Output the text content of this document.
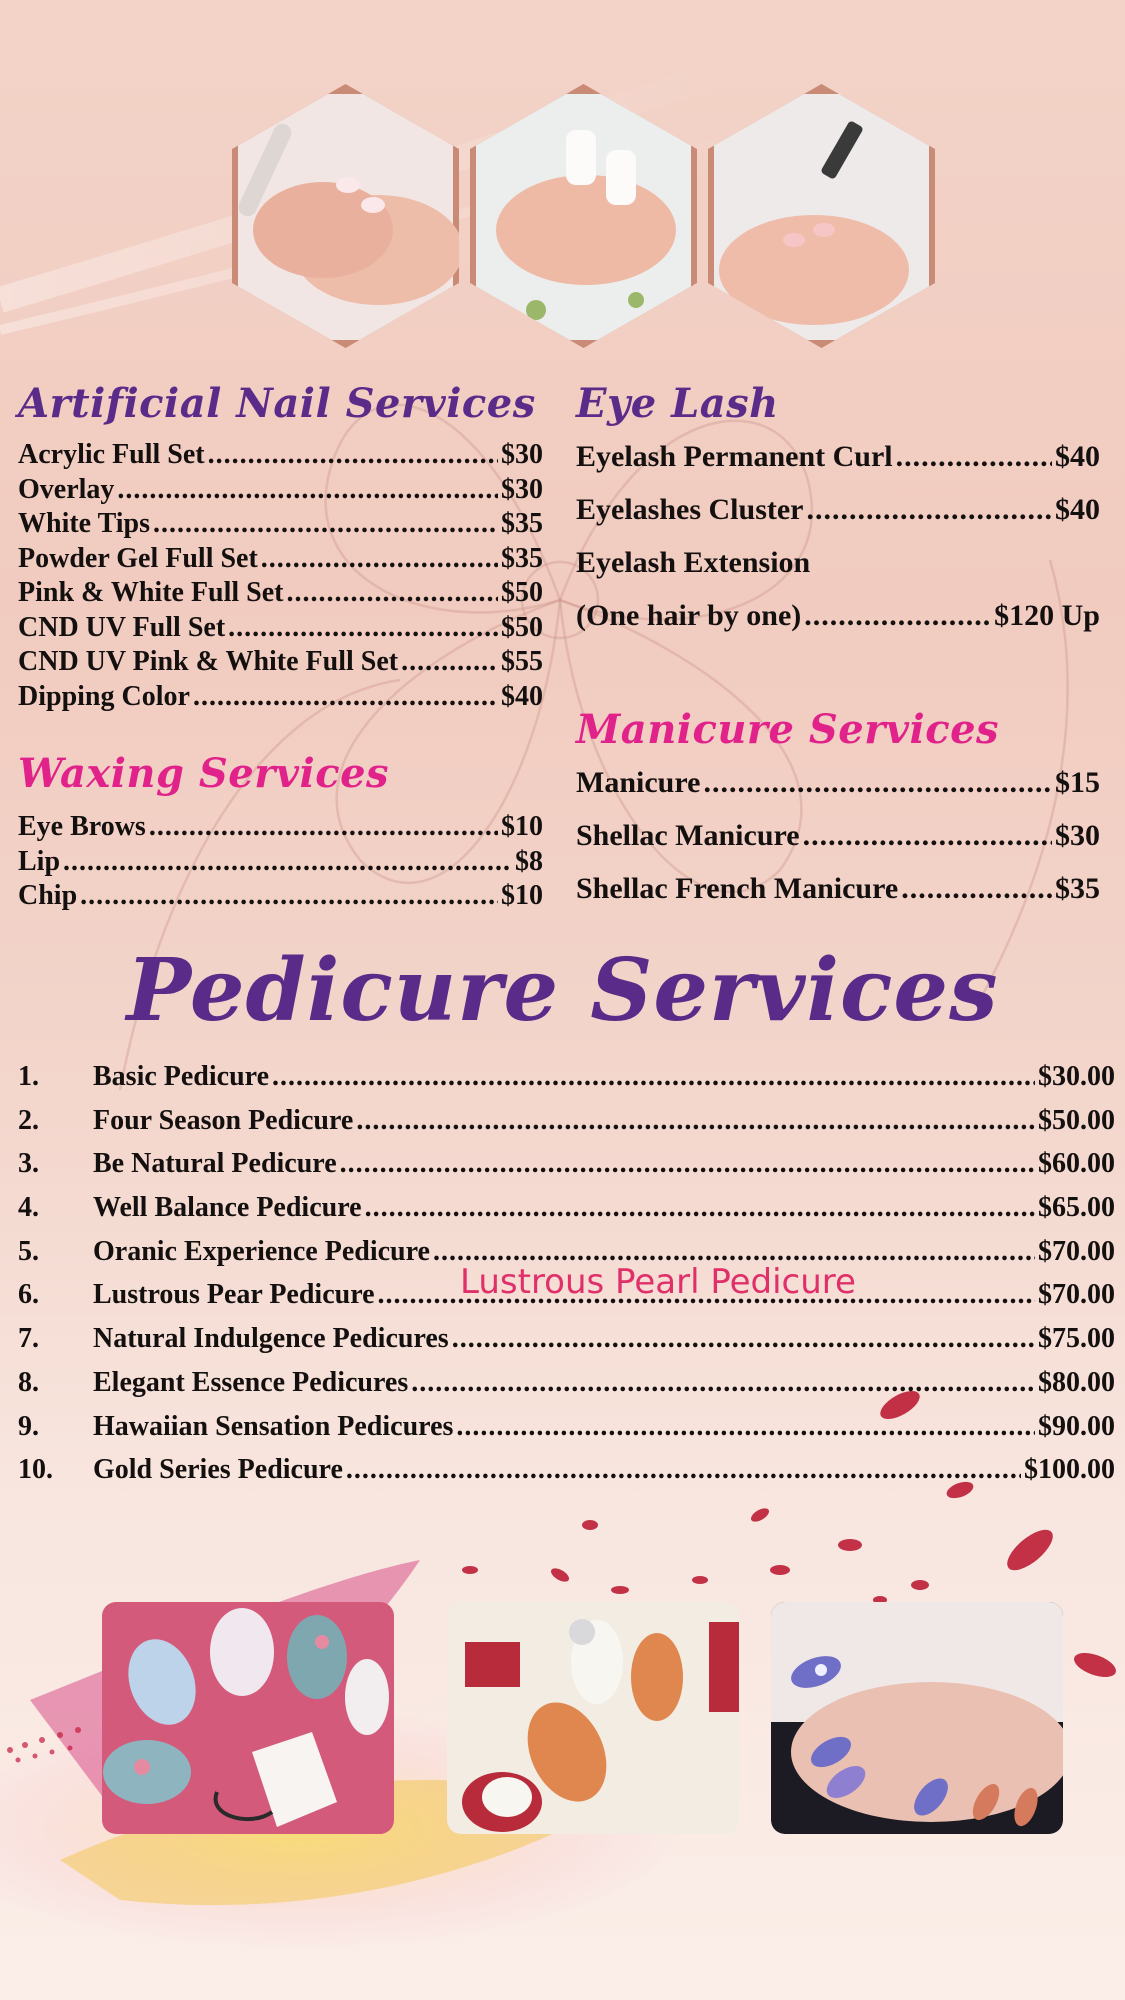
Artificial Nail Services
Acrylic Full Set .....	$30
Overlay .....	$30
White Tips .....	$35
Powder Gel Full Set .....	$35
Pink & White Full Set .....	$50
CND UV Full Set .....	$50
CND UV Pink & White Full Set .....	$55
Dipping Color .....	$40
Waxing Services
Eye Brows .....	$10
Lip .....	$8
Chip .....	$10
Eye Lash
Eyelash Permanent Curl .....	$40
Eyelashes Cluster .....	$40
Eyelash Extension
(One hair by one) .....	$120 Up
Manicure Services
Manicure .....	$15
Shellac Manicure .....	$30
Shellac French Manicure .....	$35
Pedicure Services
1.	Basic Pedicure .....	$30.00
2.	Four Season Pedicure .....	$50.00
3.	Be Natural Pedicure .....	$60.00
4.	Well Balance Pedicure .....	$65.00
5.	Oranic Experience Pedicure .....	$70.00
6.	Lustrous Pear Pedicure .....	$70.00
7.	Natural Indulgence Pedicures .....	$75.00
8.	Elegant Essence Pedicures .....	$80.00
9.	Hawaiian Sensation Pedicures .....	$90.00
10.	Gold Series Pedicure .....	$100.00

Lustrous Pearl Pedicure
